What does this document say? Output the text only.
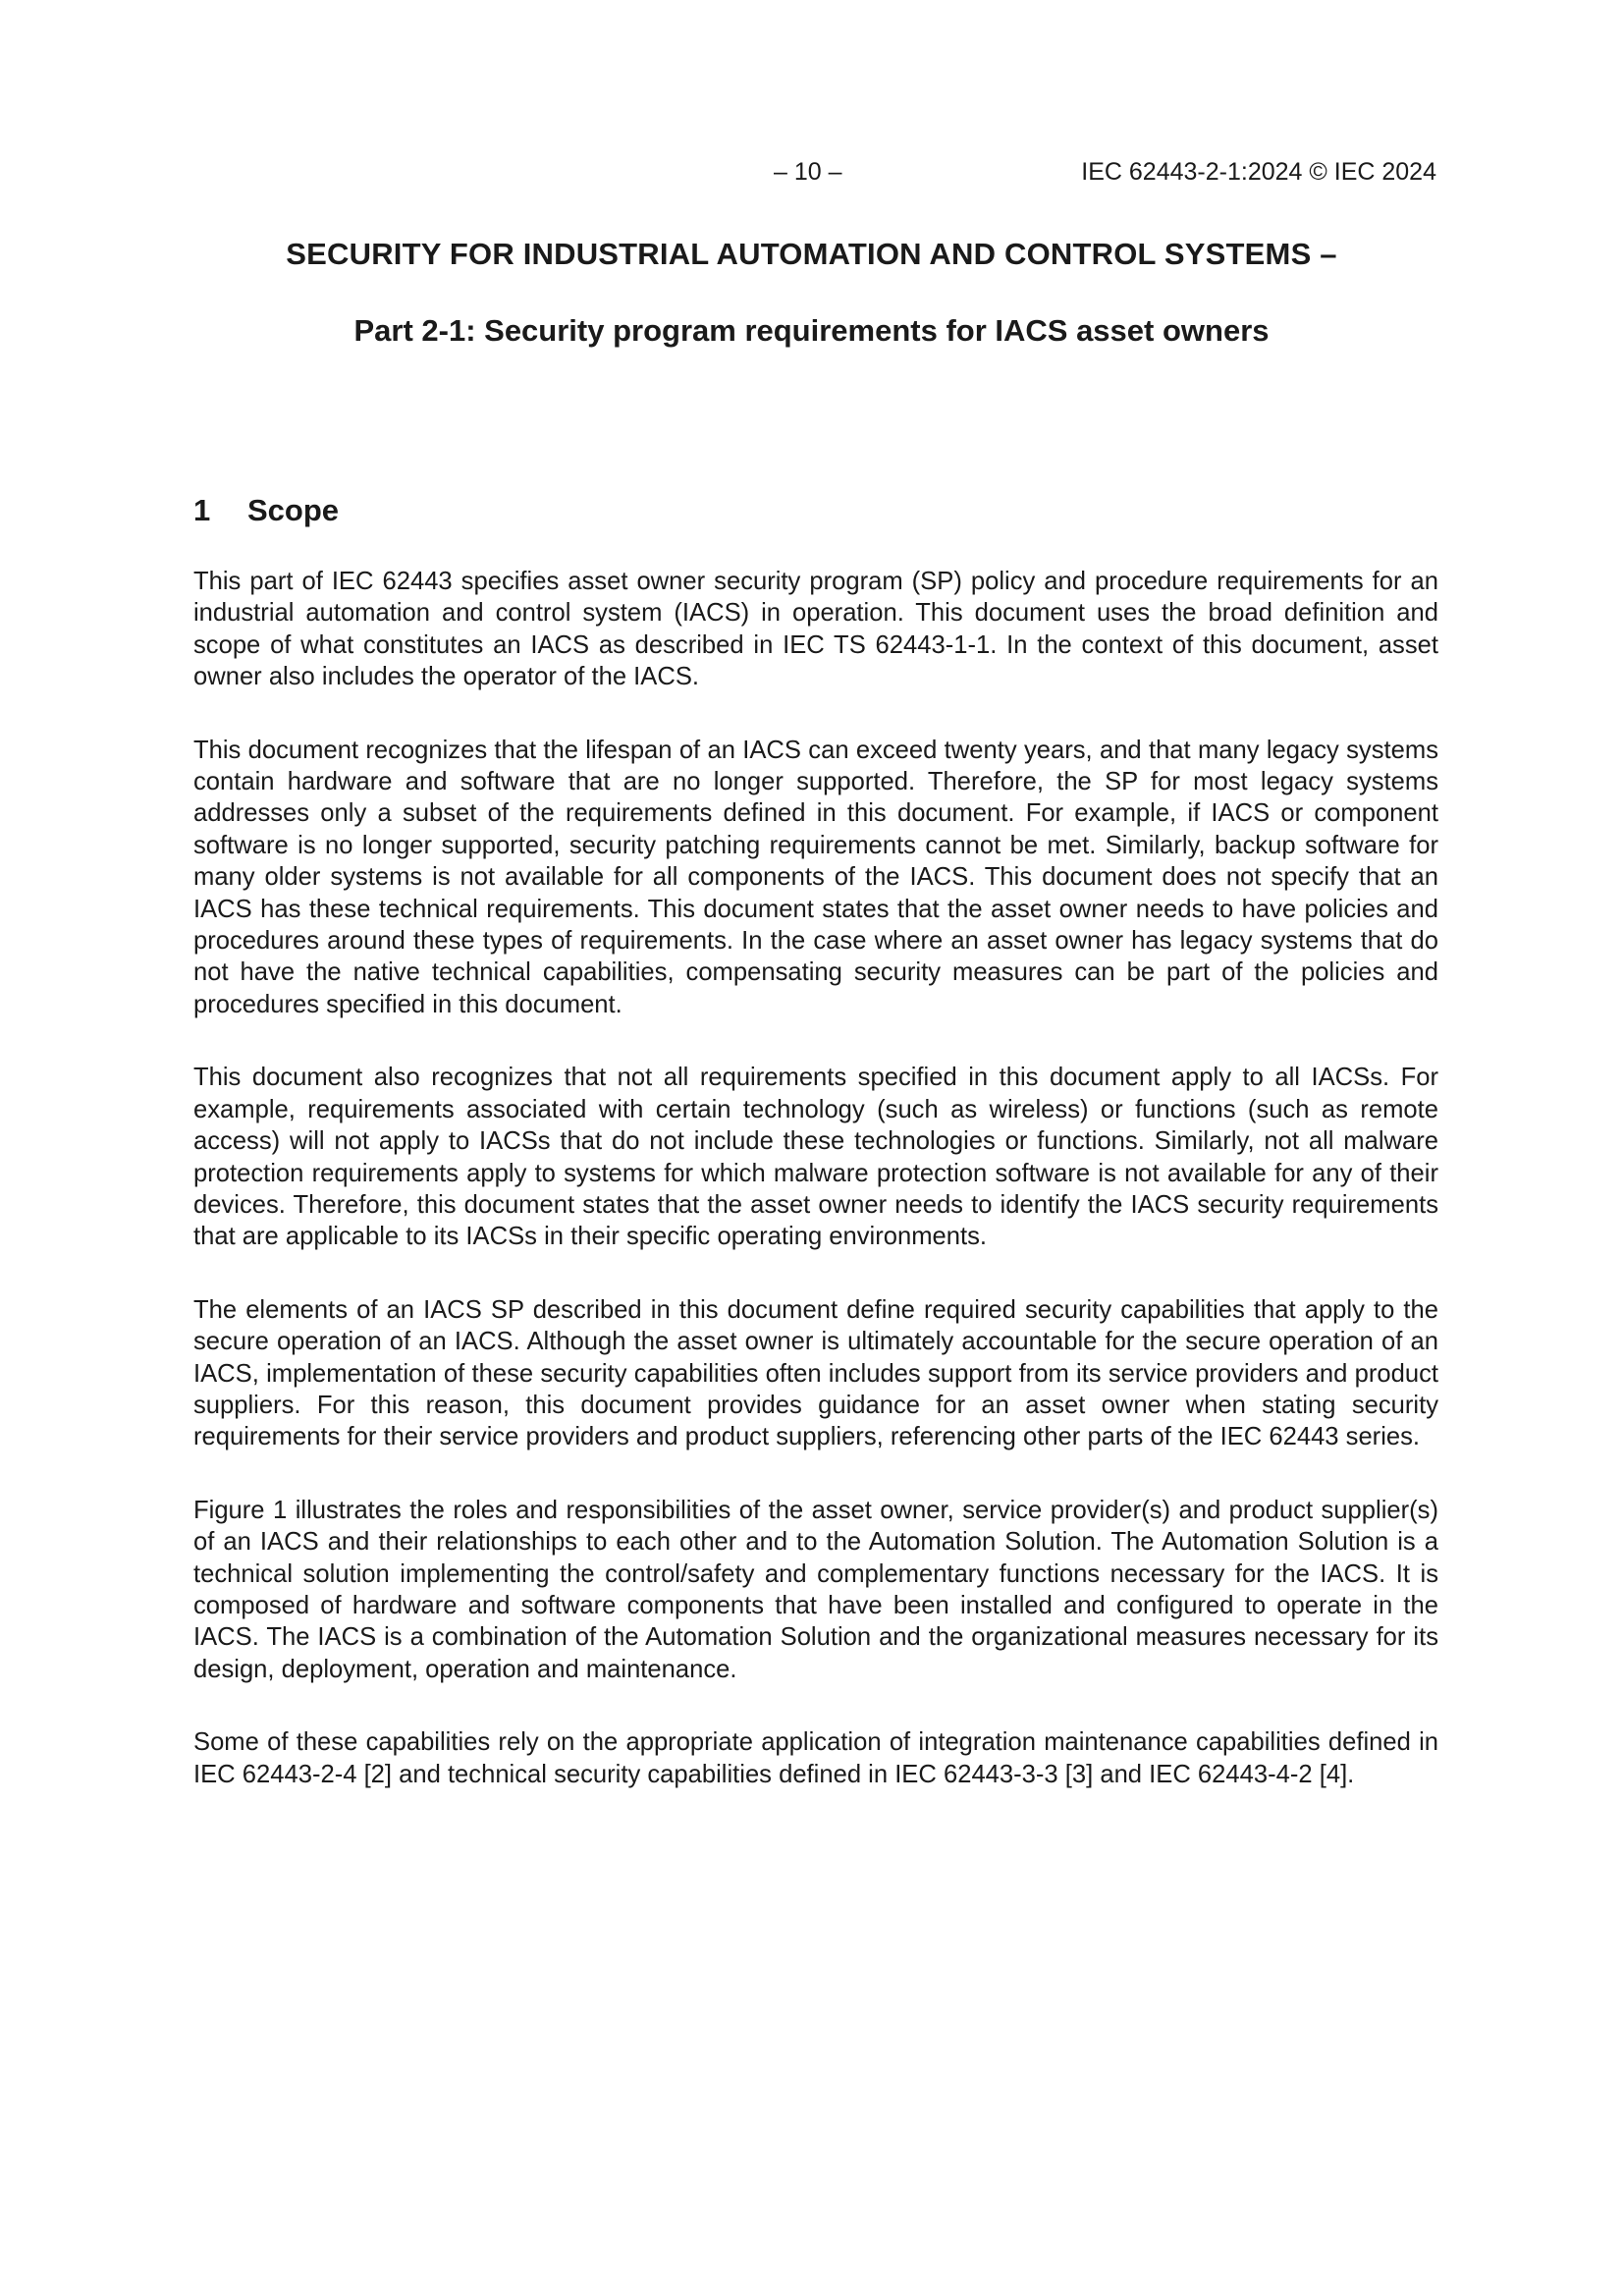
– 10 –	IEC 62443-2-1:2024 © IEC 2024
SECURITY FOR INDUSTRIAL AUTOMATION AND CONTROL SYSTEMS –
Part 2-1: Security program requirements for IACS asset owners
1 Scope

This part of IEC 62443 specifies asset owner security program (SP) policy and procedure requirements for an industrial automation and control system (IACS) in operation. This document uses the broad definition and scope of what constitutes an IACS as described in IEC TS 62443-1-1. In the context of this document, asset owner also includes the operator of the IACS.

This document recognizes that the lifespan of an IACS can exceed twenty years, and that many legacy systems contain hardware and software that are no longer supported. Therefore, the SP for most legacy systems addresses only a subset of the requirements defined in this document. For example, if IACS or component software is no longer supported, security patching requirements cannot be met. Similarly, backup software for many older systems is not available for all components of the IACS. This document does not specify that an IACS has these technical requirements. This document states that the asset owner needs to have policies and procedures around these types of requirements. In the case where an asset owner has legacy systems that do not have the native technical capabilities, compensating security measures can be part of the policies and procedures specified in this document.

This document also recognizes that not all requirements specified in this document apply to all IACSs. For example, requirements associated with certain technology (such as wireless) or functions (such as remote access) will not apply to IACSs that do not include these technologies or functions. Similarly, not all malware protection requirements apply to systems for which malware protection software is not available for any of their devices. Therefore, this document states that the asset owner needs to identify the IACS security requirements that are applicable to its IACSs in their specific operating environments.

The elements of an IACS SP described in this document define required security capabilities that apply to the secure operation of an IACS. Although the asset owner is ultimately accountable for the secure operation of an IACS, implementation of these security capabilities often includes support from its service providers and product suppliers. For this reason, this document provides guidance for an asset owner when stating security requirements for their service providers and product suppliers, referencing other parts of the IEC 62443 series.

Figure 1 illustrates the roles and responsibilities of the asset owner, service provider(s) and product supplier(s) of an IACS and their relationships to each other and to the Automation Solution. The Automation Solution is a technical solution implementing the control/safety and complementary functions necessary for the IACS. It is composed of hardware and software components that have been installed and configured to operate in the IACS. The IACS is a combination of the Automation Solution and the organizational measures necessary for its design, deployment, operation and maintenance.

Some of these capabilities rely on the appropriate application of integration maintenance capabilities defined in IEC 62443-2-4 [2] and technical security capabilities defined in IEC 62443-3-3 [3] and IEC 62443-4-2 [4].
